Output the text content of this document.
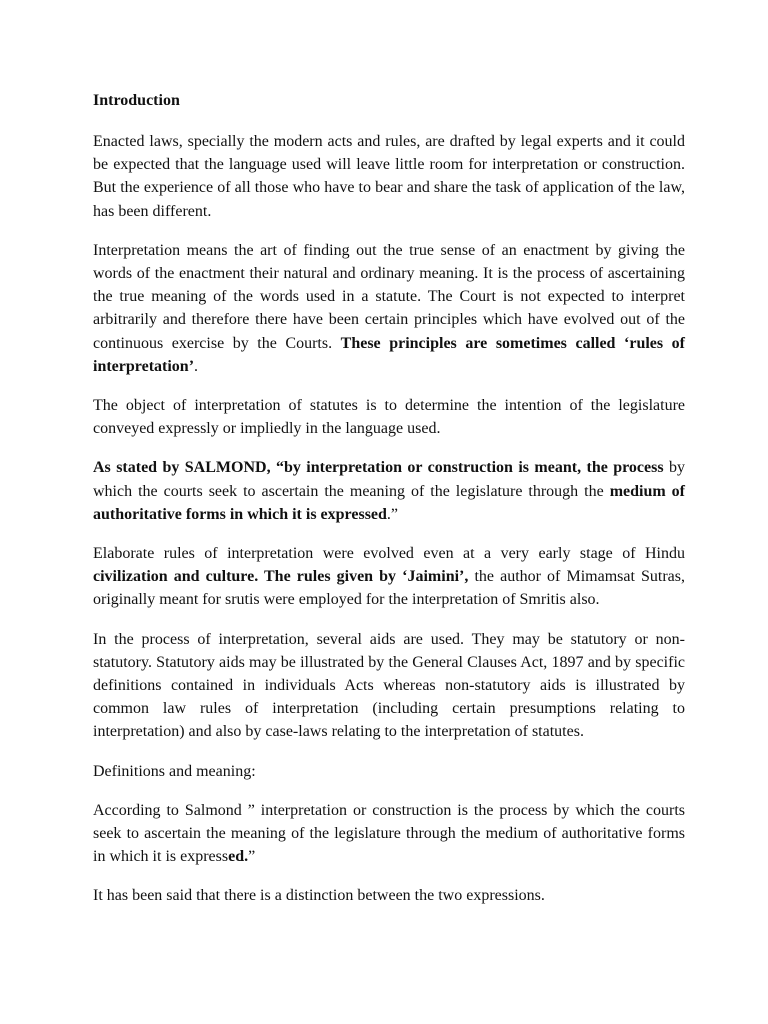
Introduction

Enacted laws, specially the modern acts and rules, are drafted by legal experts and it could be expected that the language used will leave little room for interpretation or construction. But the experience of all those who have to bear and share the task of application of the law, has been different.

Interpretation means the art of finding out the true sense of an enactment by giving the words of the enactment their natural and ordinary meaning. It is the process of ascertaining the true meaning of the words used in a statute. The Court is not expected to interpret arbitrarily and therefore there have been certain principles which have evolved out of the continuous exercise by the Courts. These principles are sometimes called ‘rules of interpretation’.

The object of interpretation of statutes is to determine the intention of the legislature conveyed expressly or impliedly in the language used.

As stated by SALMOND, “by interpretation or construction is meant, the process by which the courts seek to ascertain the meaning of the legislature through the medium of authoritative forms in which it is expressed.”

Elaborate rules of interpretation were evolved even at a very early stage of Hindu civilization and culture. The rules given by ‘Jaimini’, the author of Mimamsat Sutras, originally meant for srutis were employed for the interpretation of Smritis also.

In the process of interpretation, several aids are used. They may be statutory or non-statutory. Statutory aids may be illustrated by the General Clauses Act, 1897 and by specific definitions contained in individuals Acts whereas non-statutory aids is illustrated by common law rules of interpretation (including certain presumptions relating to interpretation) and also by case-laws relating to the interpretation of statutes.

Definitions and meaning:

According to Salmond ” interpretation or construction is the process by which the courts seek to ascertain the meaning of the legislature through the medium of authoritative forms in which it is expressed.”

It has been said that there is a distinction between the two expressions.
